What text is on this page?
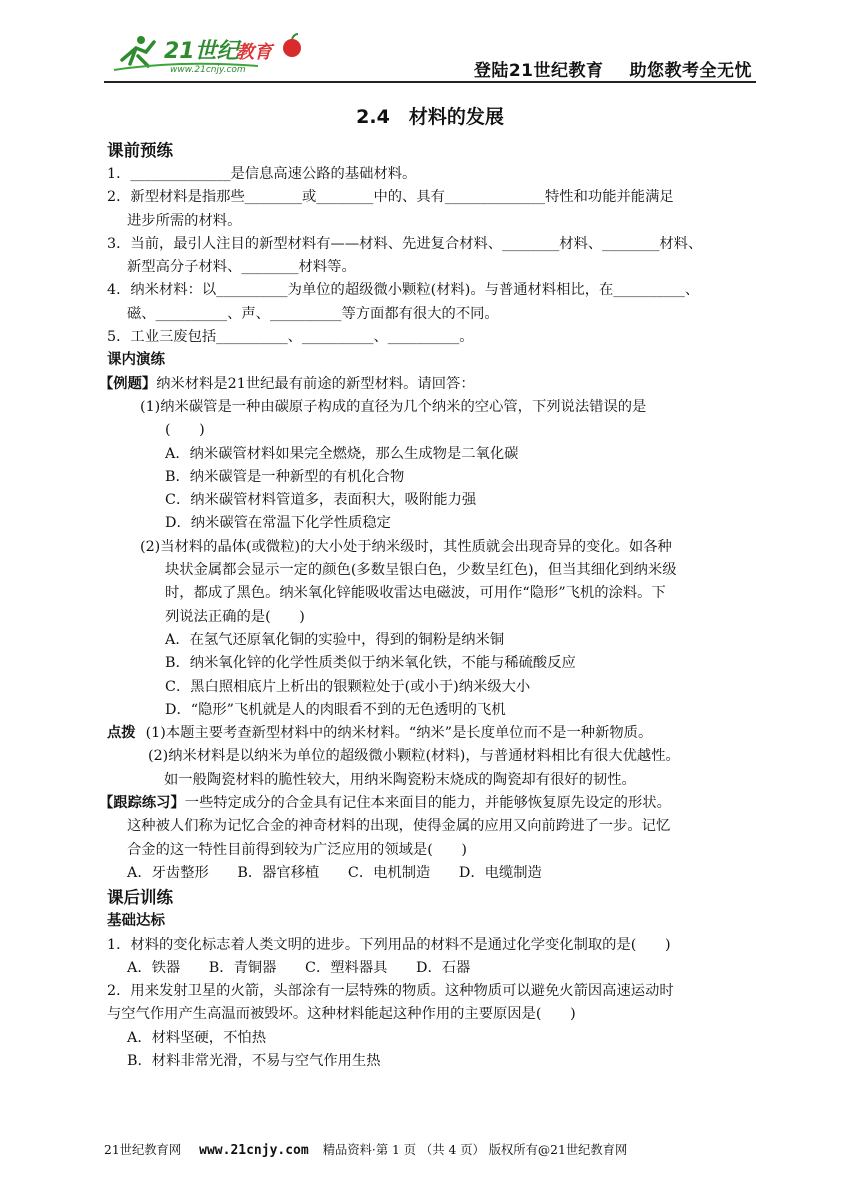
21世纪
教育
www.21cnjy.com	登陆21世纪教育 助您教考全无忧
2.4　材料的发展
课前预练
1．______________是信息高速公路的基础材料。
2．新型材料是指那些________或________中的、具有______________特性和功能并能满足
进步所需的材料。
3．当前，最引人注目的新型材料有——材料、先进复合材料、________材料、________材料、
新型高分子材料、________材料等。
4．纳米材料：以__________为单位的超级微小颗粒(材料)。与普通材料相比，在__________、
磁、__________、声、__________等方面都有很大的不同。
5．工业三废包括__________、__________、__________。
课内演练
【例题】纳米材料是21世纪最有前途的新型材料。请回答：
(1)纳米碳管是一种由碳原子构成的直径为几个纳米的空心管，下列说法错误的是
(　　)
A．纳米碳管材料如果完全燃烧，那么生成物是二氧化碳
B．纳米碳管是一种新型的有机化合物
C．纳米碳管材料管道多，表面积大，吸附能力强
D．纳米碳管在常温下化学性质稳定
(2)当材料的晶体(或微粒)的大小处于纳米级时，其性质就会出现奇异的变化。如各种
块状金属都会显示一定的颜色(多数呈银白色，少数呈红色)，但当其细化到纳米级
时，都成了黑色。纳米氧化锌能吸收雷达电磁波，可用作“隐形”飞机的涂料。下
列说法正确的是(　　)
A．在氢气还原氧化铜的实验中，得到的铜粉是纳米铜
B．纳米氧化锌的化学性质类似于纳米氧化铁，不能与稀硫酸反应
C．黑白照相底片上析出的银颗粒处于(或小于)纳米级大小
D．“隐形”飞机就是人的肉眼看不到的无色透明的飞机
点拨 (1)本题主要考查新型材料中的纳米材料。“纳米”是长度单位而不是一种新物质。
(2)纳米材料是以纳米为单位的超级微小颗粒(材料)，与普通材料相比有很大优越性。
如一般陶瓷材料的脆性较大，用纳米陶瓷粉末烧成的陶瓷却有很好的韧性。
【跟踪练习】一些特定成分的合金具有记住本来面目的能力，并能够恢复原先设定的形状。
这种被人们称为记忆合金的神奇材料的出现，使得金属的应用又向前跨进了一步。记忆
合金的这一特性目前得到较为广泛应用的领域是(　　)
A．牙齿整形 B．器官移植 C．电机制造 D．电缆制造
课后训练
基础达标
1．材料的变化标志着人类文明的进步。下列用品的材料不是通过化学变化制取的是(　　)
A．铁器 B．青铜器 C．塑料器具 D．石器
2．用来发射卫星的火箭，头部涂有一层特殊的物质。这种物质可以避免火箭因高速运动时
与空气作用产生高温而被毁坏。这种材料能起这种作用的主要原因是(　　)
A．材料坚硬，不怕热
B．材料非常光滑，不易与空气作用生热
21世纪教育网 www.21cnjy.com 精品资料·第 1 页 （共 4 页） 版权所有@21世纪教育网
